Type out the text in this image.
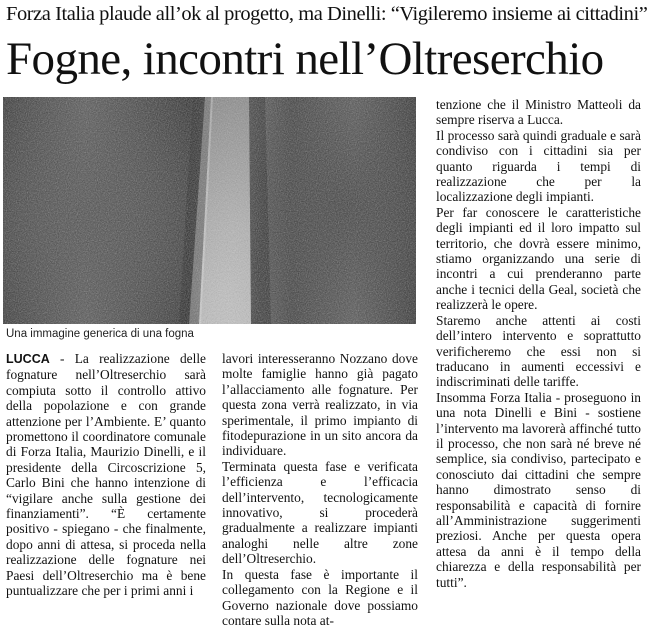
Forza Italia plaude all’ok al progetto, ma Dinelli: “Vigileremo insieme ai cittadini”
Fogne, incontri nell’Oltreserchio
Una immagine generica di una fogna

LUCCA - La realizzazione delle fognature nell’Oltreserchio sarà compiuta sotto il controllo attivo della popolazione e con grande attenzione per l’Ambiente. E’ quanto promettono il coordinatore comunale di Forza Italia, Maurizio Dinelli, e il presidente della Circoscrizione 5, Carlo Bini che hanno intenzione di “vigilare anche sulla gestione dei finanziamenti”. “È certamente positivo - spiegano - che finalmente, dopo anni di attesa, si proceda nella realizzazione delle fognature nei Paesi dell’Oltreserchio ma è bene puntualizzare che per i primi anni i

lavori interesseranno Nozzano dove molte famiglie hanno già pagato l’allacciamento alle fognature. Per questa zona verrà realizzato, in via sperimentale, il primo impianto di fitodepurazione in un sito ancora da individuare.

Terminata questa fase e verificata l’efficienza e l’efficacia dell’intervento, tecnologicamente innovativo, si procederà gradualmente a realizzare impianti analoghi nelle altre zone dell’Oltreserchio.

In questa fase è importante il collegamento con la Regione e il Governo nazionale dove possiamo contare sulla nota at-

tenzione che il Ministro Matteoli da sempre riserva a Lucca.

Il processo sarà quindi graduale e sarà condiviso con i cittadini sia per quanto riguarda i tempi di realizzazione che per la localizzazione degli impianti.

Per far conoscere le caratteristiche degli impianti ed il loro impatto sul territorio, che dovrà essere minimo, stiamo organizzando una serie di incontri a cui prenderanno parte anche i tecnici della Geal, società che realizzerà le opere.

Staremo anche attenti ai costi dell’intero intervento e soprattutto verificheremo che essi non si traducano in aumenti eccessivi e indiscriminati delle tariffe.

Insomma Forza Italia - proseguono in una nota Dinelli e Bini - sostiene l’intervento ma lavorerà affinché tutto il processo, che non sarà né breve né semplice, sia condiviso, partecipato e conosciuto dai cittadini che sempre hanno dimostrato senso di responsabilità e capacità di fornire all’Amministrazione suggerimenti preziosi. Anche per questa opera attesa da anni è il tempo della chiarezza e della responsabilità per tutti”.
